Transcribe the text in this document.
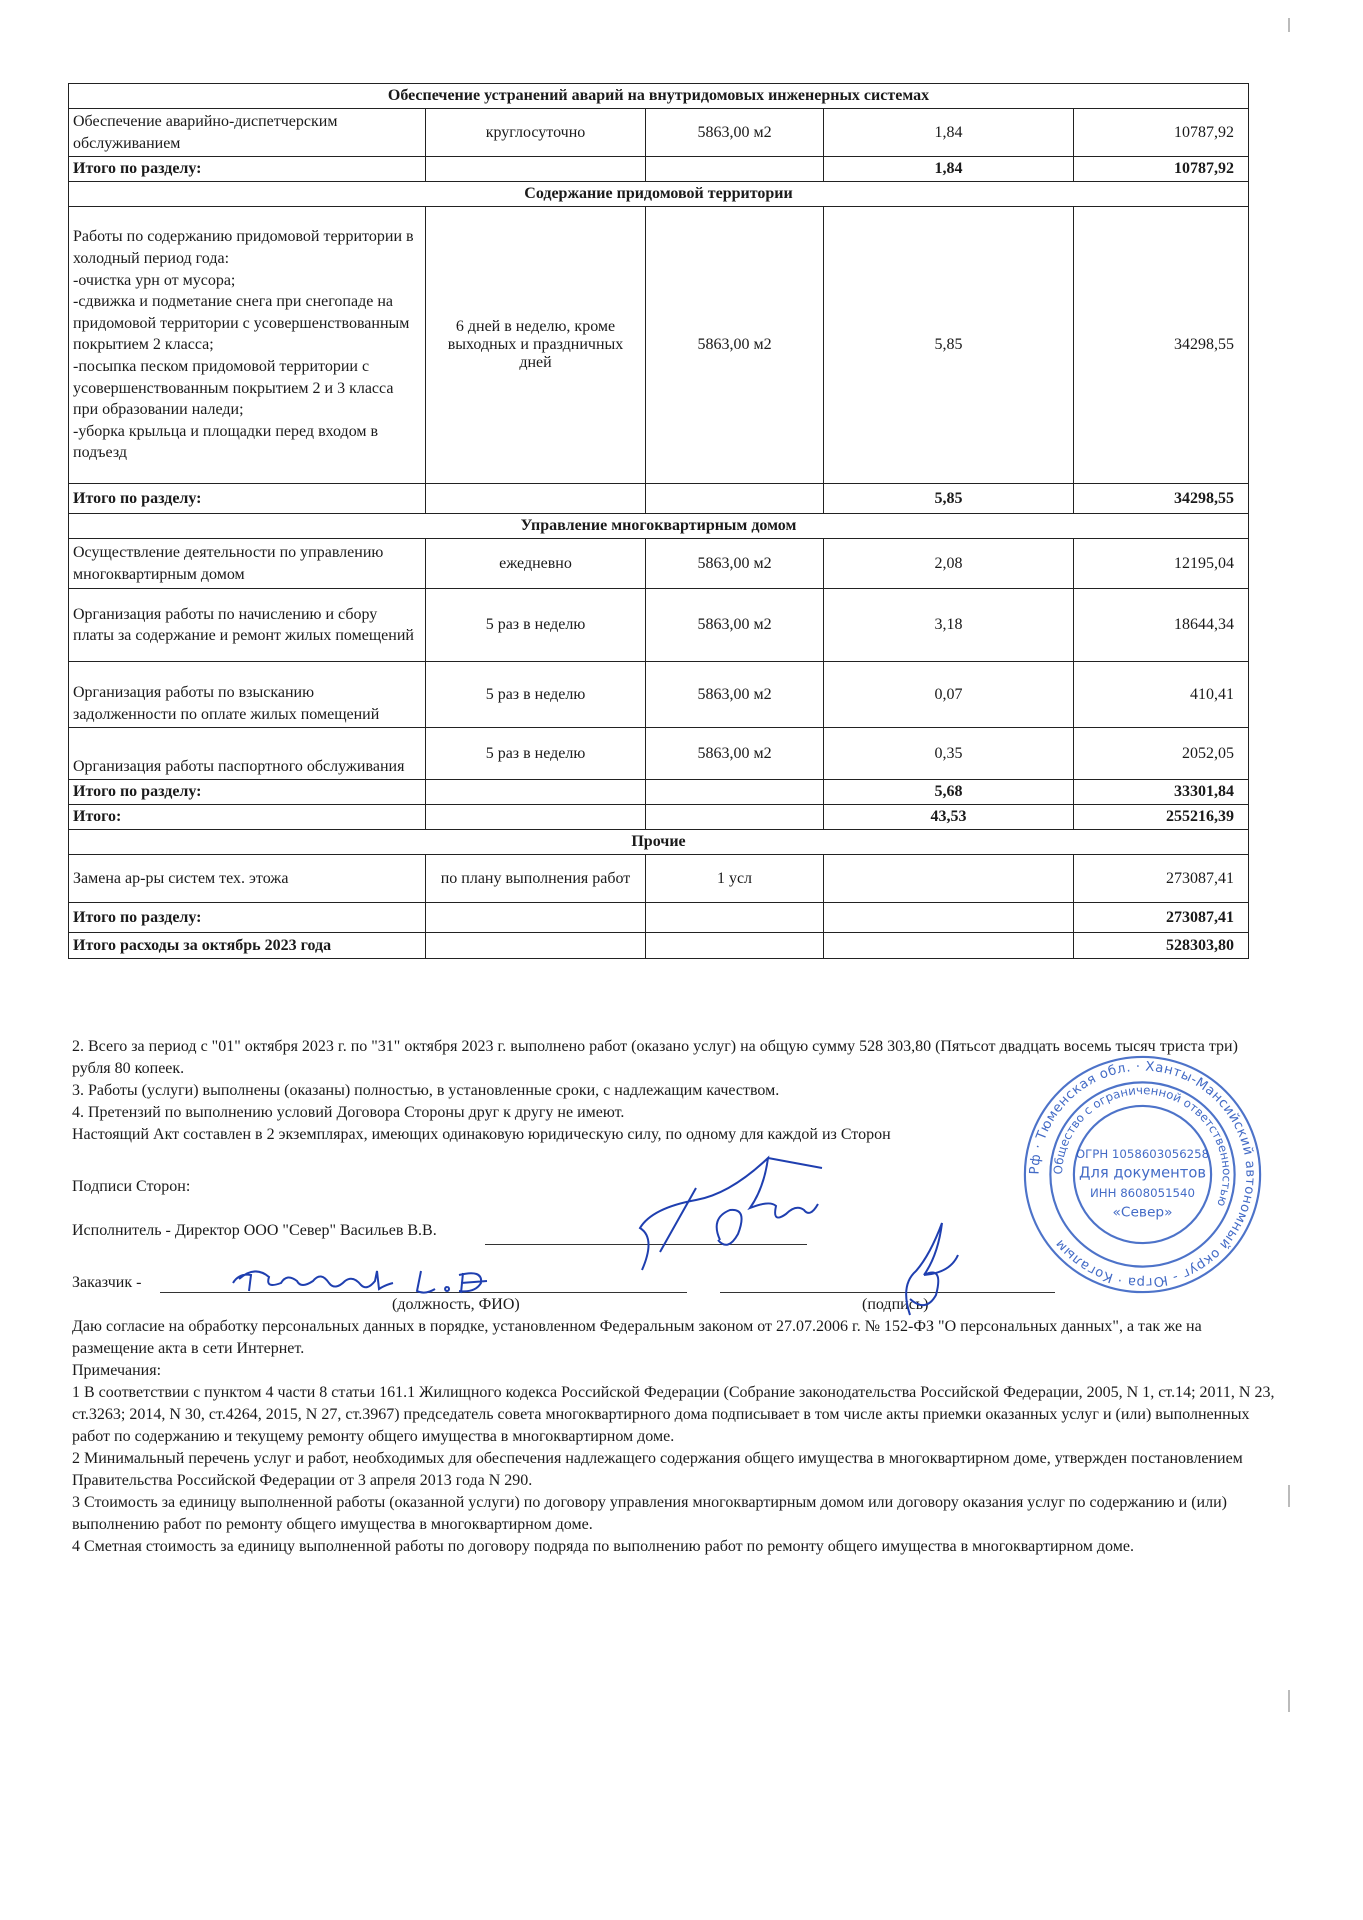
Обеспечение устранений аварий на внутридомовых инженерных системах				
Обеспечение аварийно-диспетчерским обслуживанием	круглосуточно	5863,00 м2	1,84	10787,92
Итого по разделу:			1,84	10787,92
Содержание придомовой территории				
Работы по содержанию придомовой территории в холодный период года:
-очистка урн от мусора;
-сдвижка и подметание снега при снегопаде на придомовой территории с усовершенствованным покрытием 2 класса;
-посыпка песком придомовой территории с усовершенствованным покрытием 2 и 3 класса при образовании наледи;
-уборка крыльца и площадки перед входом в подъезд	6 дней в неделю, кроме выходных и праздничных дней	5863,00 м2	5,85	34298,55
Итого по разделу:			5,85	34298,55
Управление многоквартирным домом				
Осуществление деятельности по управлению многоквартирным домом	ежедневно	5863,00 м2	2,08	12195,04
Организация работы по начислению и сбору платы за содержание и ремонт жилых помещений	5 раз в неделю	5863,00 м2	3,18	18644,34
Организация работы по взысканию задолженности по оплате жилых помещений	5 раз в неделю	5863,00 м2	0,07	410,41
Организация работы паспортного обслуживания	5 раз в неделю	5863,00 м2	0,35	2052,05
Итого по разделу:			5,68	33301,84
Итого:			43,53	255216,39
Прочие				
Замена ар-ры систем тех. этожа	по плану выполнения работ	1 усл		273087,41
Итого по разделу:				273087,41
Итого расходы за октябрь 2023 года				528303,80

2. Всего за период с "01" октября 2023 г. по "31" октября 2023 г. выполнено работ (оказано услуг) на общую сумму 528 303,80 (Пятьсот двадцать восемь тысяч триста три) рубля 80 копеек.

3. Работы (услуги) выполнены (оказаны) полностью, в установленные сроки, с надлежащим качеством.

4. Претензий по выполнению условий Договора Стороны друг к другу не имеют.

Настоящий Акт составлен в 2 экземплярах, имеющих одинаковую юридическую силу, по одному для каждой из Сторон

Подписи Сторон:
Исполнитель - Директор ООО "Север" Васильев В.В.
Заказчик -
(должность, ФИО)	(подпись)
Рф · Тюменская обл. · Ханты-Мансийский автономный округ - Югра · Когалым
Общество с ограниченной ответственностью
ОГРН 1058603056258
Для документов
ИНН 8608051540
«Север»

Даю согласие на обработку персональных данных в порядке, установленном Федеральным законом от 27.07.2006 г. № 152-ФЗ "О персональных данных", а так же на размещение акта в сети Интернет.

Примечания:

1 В соответствии с пунктом 4 части 8 статьи 161.1 Жилищного кодекса Российской Федерации (Собрание законодательства Российской Федерации, 2005, N 1, ст.14; 2011, N 23, ст.3263; 2014, N 30, ст.4264, 2015, N 27, ст.3967) председатель совета многоквартирного дома подписывает в том числе акты приемки оказанных услуг и (или) выполненных работ по содержанию и текущему ремонту общего имущества в многоквартирном доме.

2 Минимальный перечень услуг и работ, необходимых для обеспечения надлежащего содержания общего имущества в многоквартирном доме, утвержден постановлением Правительства Российской Федерации от 3 апреля 2013 года N 290.

3 Стоимость за единицу выполненной работы (оказанной услуги) по договору управления многоквартирным домом или договору оказания услуг по содержанию и (или) выполнению работ по ремонту общего имущества в многоквартирном доме.

4 Сметная стоимость за единицу выполненной работы по договору подряда по выполнению работ по ремонту общего имущества в многоквартирном доме.
